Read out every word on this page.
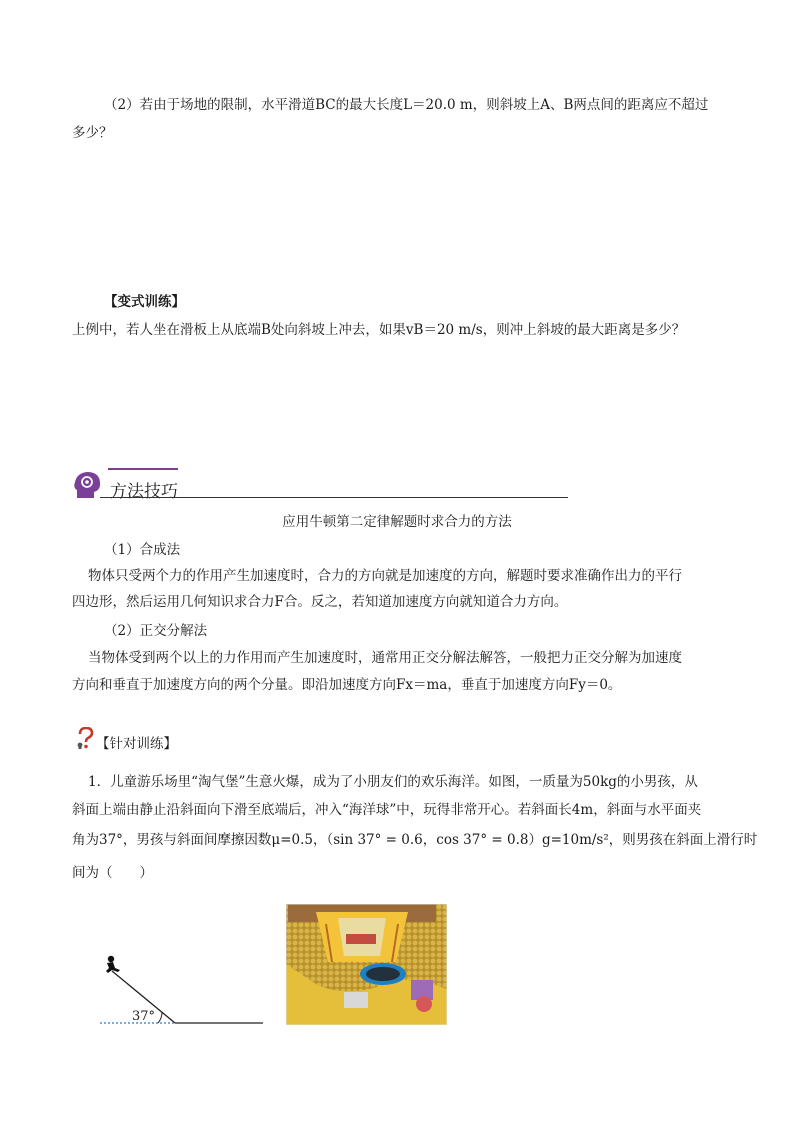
（2）若由于场地的限制，水平滑道BC的最大长度L＝20.0 m，则斜坡上A、B两点间的距离应不超过
多少？
【变式训练】
上例中，若人坐在滑板上从底端B处向斜坡上冲去，如果vB＝20 m/s，则冲上斜坡的最大距离是多少？
方法技巧
应用牛顿第二定律解题时求合力的方法
（1）合成法
物体只受两个力的作用产生加速度时，合力的方向就是加速度的方向，解题时要求准确作出力的平行
四边形，然后运用几何知识求合力F合。反之，若知道加速度方向就知道合力方向。
（2）正交分解法
当物体受到两个以上的力作用而产生加速度时，通常用正交分解法解答，一般把力正交分解为加速度
方向和垂直于加速度方向的两个分量。即沿加速度方向Fx＝ma，垂直于加速度方向Fy＝0。
【针对训练】
1．儿童游乐场里“淘气堡”生意火爆，成为了小朋友们的欢乐海洋。如图，一质量为50kg的小男孩，从
斜面上端由静止沿斜面向下滑至底端后，冲入“海洋球”中，玩得非常开心。若斜面长4m，斜面与水平面夹
角为37°，男孩与斜面间摩擦因数μ=0.5，（sin 37° = 0.6，cos 37° = 0.8）g=10m/s²，则男孩在斜面上滑行时
间为（　　）
37°
